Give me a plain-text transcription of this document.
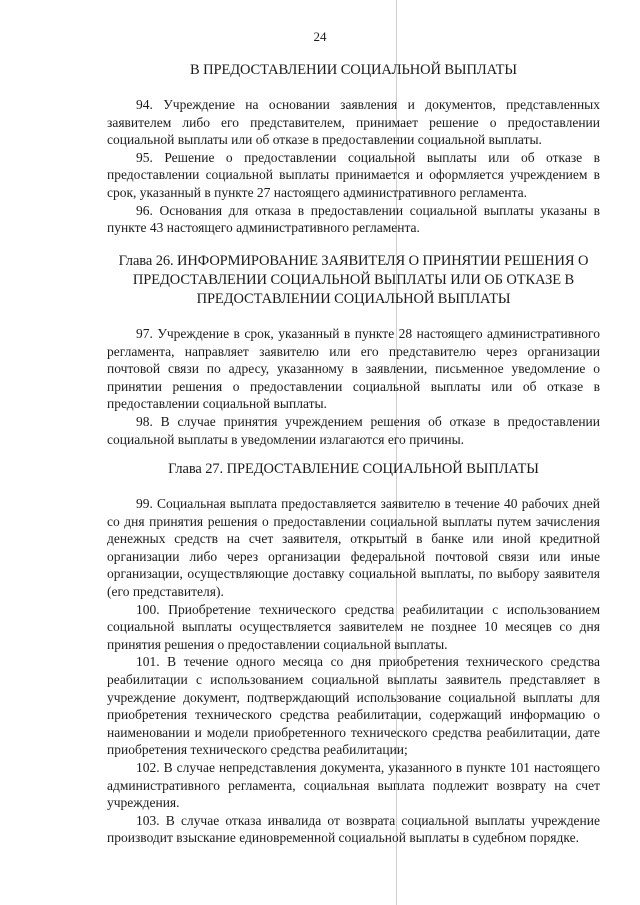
24
В ПРЕДОСТАВЛЕНИИ СОЦИАЛЬНОЙ ВЫПЛАТЫ

94. Учреждение на основании заявления и документов, представленных заявителем либо его представителем, принимает решение о предоставлении социальной выплаты или об отказе в предоставлении социальной выплаты.

95. Решение о предоставлении социальной выплаты или об отказе в предоставлении социальной выплаты принимается и оформляется учреждением в срок, указанный в пункте 27 настоящего административного регламента.

96. Основания для отказа в предоставлении социальной выплаты указаны в пункте 43 настоящего административного регламента.

Глава 26. ИНФОРМИРОВАНИЕ ЗАЯВИТЕЛЯ О ПРИНЯТИИ РЕШЕНИЯ О ПРЕДОСТАВЛЕНИИ СОЦИАЛЬНОЙ ВЫПЛАТЫ ИЛИ ОБ ОТКАЗЕ В ПРЕДОСТАВЛЕНИИ СОЦИАЛЬНОЙ ВЫПЛАТЫ

97. Учреждение в срок, указанный в пункте 28 настоящего административного регламента, направляет заявителю или его представителю через организации почтовой связи по адресу, указанному в заявлении, письменное уведомление о принятии решения о предоставлении социальной выплаты или об отказе в предоставлении социальной выплаты.

98. В случае принятия учреждением решения об отказе в предоставлении социальной выплаты в уведомлении излагаются его причины.

Глава 27. ПРЕДОСТАВЛЕНИЕ СОЦИАЛЬНОЙ ВЫПЛАТЫ

99. Социальная выплата предоставляется заявителю в течение 40 рабочих дней со дня принятия решения о предоставлении социальной выплаты путем зачисления денежных средств на счет заявителя, открытый в банке или иной кредитной организации либо через организации федеральной почтовой связи или иные организации, осуществляющие доставку социальной выплаты, по выбору заявителя (его представителя).

100. Приобретение технического средства реабилитации с использованием социальной выплаты осуществляется заявителем не позднее 10 месяцев со дня принятия решения о предоставлении социальной выплаты.

101. В течение одного месяца со дня приобретения технического средства реабилитации с использованием социальной выплаты заявитель представляет в учреждение документ, подтверждающий использование социальной выплаты для приобретения технического средства реабилитации, содержащий информацию о наименовании и модели приобретенного технического средства реабилитации, дате приобретения технического средства реабилитации;

102. В случае непредставления документа, указанного в пункте 101 настоящего административного регламента, социальная выплата подлежит возврату на счет учреждения.

103. В случае отказа инвалида от возврата социальной выплаты учреждение производит взыскание единовременной социальной выплаты в судебном порядке.
